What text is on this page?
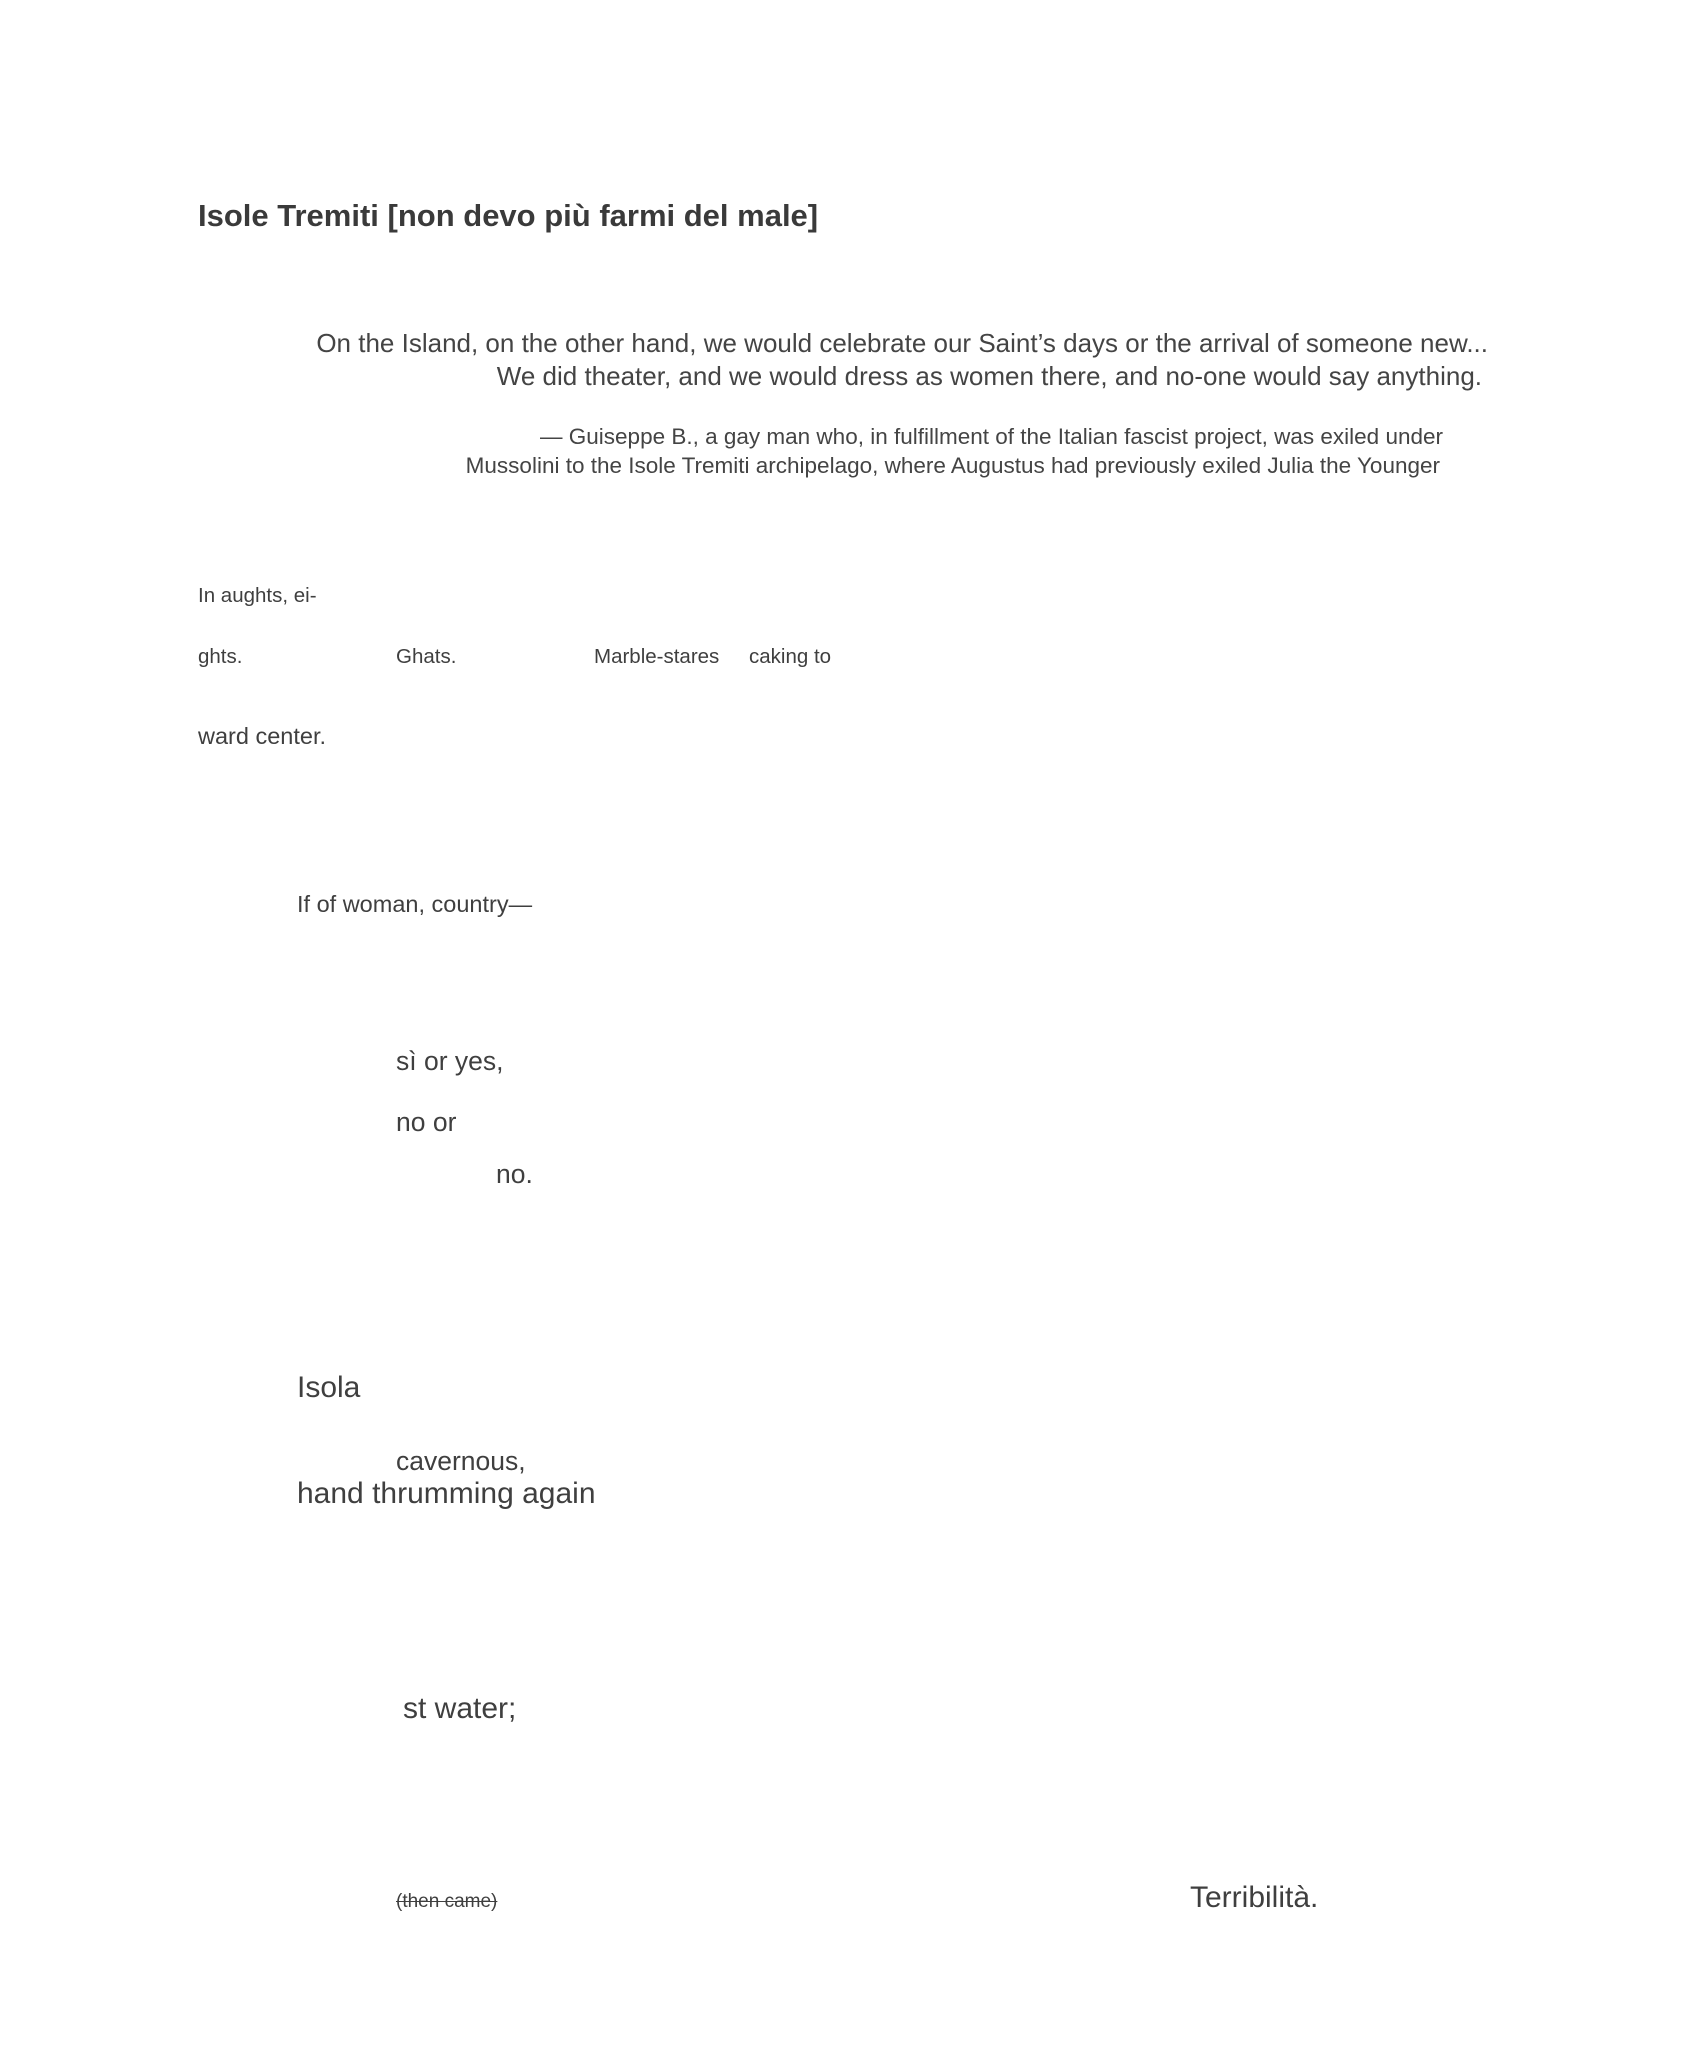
Isole Tremiti [non devo più farmi del male]

On the Island, on the other hand, we would celebrate our Saint’s days or the arrival of someone new...

We did theater, and we would dress as women there, and no-one would say anything.

— Guiseppe B., a gay man who, in fulfillment of the Italian fascist project, was exiled under

Mussolini to the Isole Tremiti archipelago, where Augustus had previously exiled Julia the Younger

In aughts, ei-
ghts.	Ghats.	Marble-stares caking to
ward center.
If of woman, country—
sì or yes,
no or
no.
Isola
cavernous,
hand thrumming again
st water;
(then came)	Terribilità.
